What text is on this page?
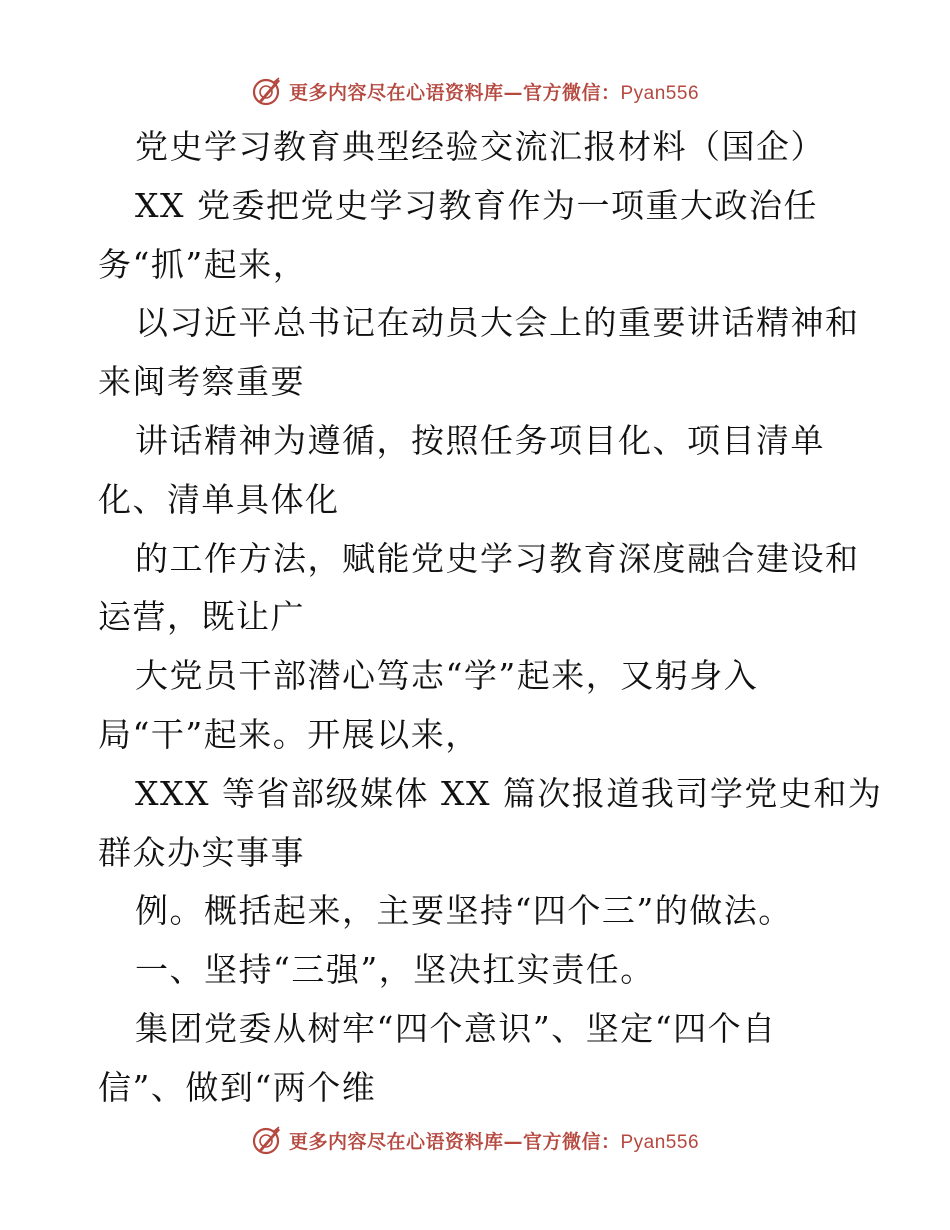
更多内容尽在心语资料库—官方微信：Pyan556

党史学习教育典型经验交流汇报材料（国企）

XX 党委把党史学习教育作为一项重大政治任

务“抓”起来，

以习近平总书记在动员大会上的重要讲话精神和

来闽考察重要

讲话精神为遵循，按照任务项目化、项目清单

化、清单具体化

的工作方法，赋能党史学习教育深度融合建设和

运营，既让广

大党员干部潜心笃志“学”起来，又躬身入

局“干”起来。开展以来，

XXX 等省部级媒体 XX 篇次报道我司学党史和为

群众办实事事

例。概括起来，主要坚持“四个三”的做法。

一、坚持“三强”，坚决扛实责任。

集团党委从树牢“四个意识”、坚定“四个自

信”、做到“两个维

更多内容尽在心语资料库—官方微信：Pyan556
